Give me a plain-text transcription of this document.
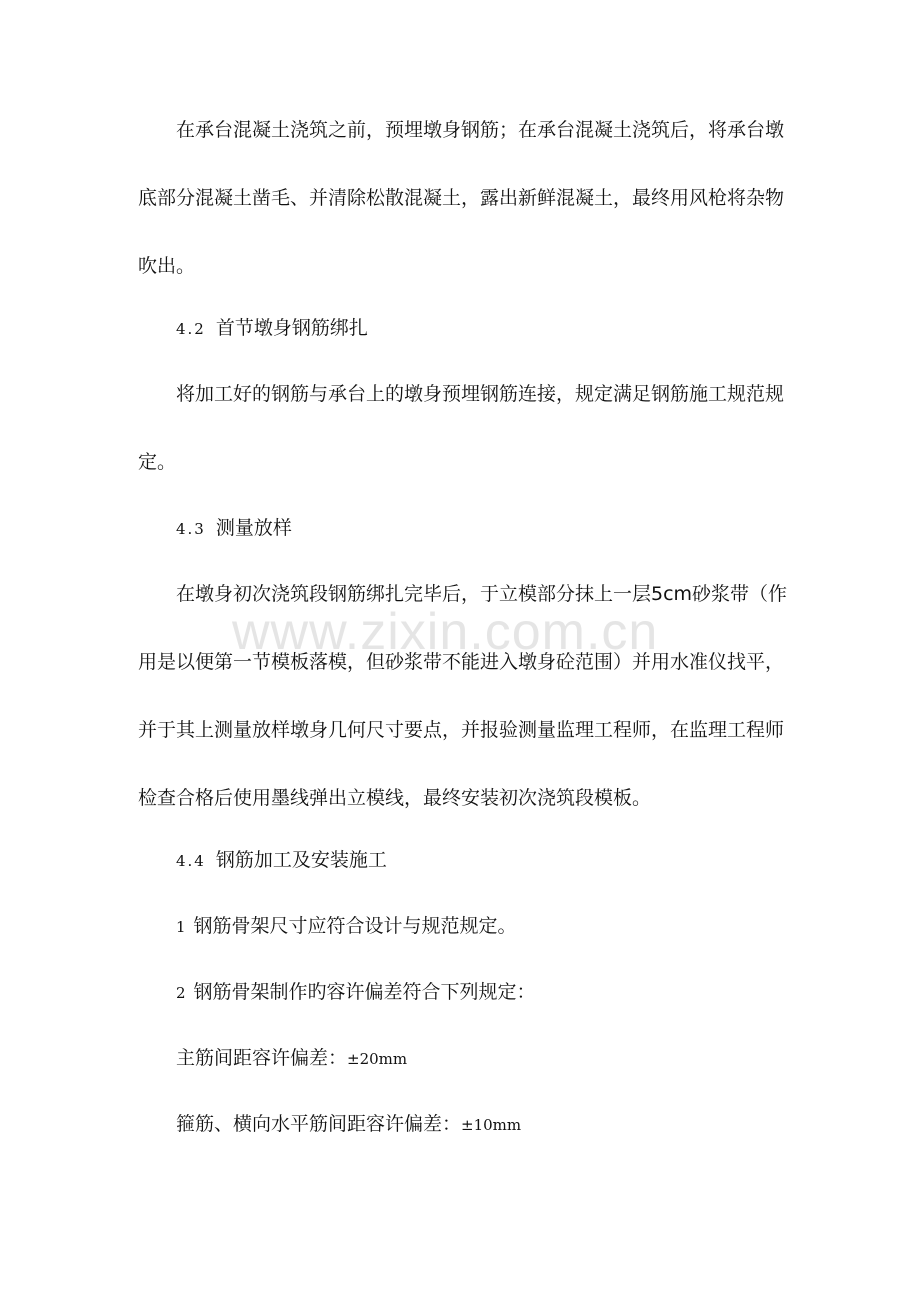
在承台混凝土浇筑之前，预埋墩身钢筋；在承台混凝土浇筑后，将承台墩底部分混凝土凿毛、并清除松散混凝土，露出新鲜混凝土，最终用风枪将杂物吹出。

4.2 首节墩身钢筋绑扎

将加工好的钢筋与承台上的墩身预埋钢筋连接，规定满足钢筋施工规范规定。

4.3 测量放样

在墩身初次浇筑段钢筋绑扎完毕后，于立模部分抹上一层5cm砂浆带（作用是以便第一节模板落模，但砂浆带不能进入墩身砼范围）并用水准仪找平，并于其上测量放样墩身几何尺寸要点，并报验测量监理工程师，在监理工程师检查合格后使用墨线弹出立模线，最终安装初次浇筑段模板。

4.4 钢筋加工及安装施工

1 钢筋骨架尺寸应符合设计与规范规定。

2 钢筋骨架制作旳容许偏差符合下列规定：

主筋间距容许偏差：±20mm

箍筋、横向水平筋间距容许偏差：±10mm

www.zixin.com.cn
